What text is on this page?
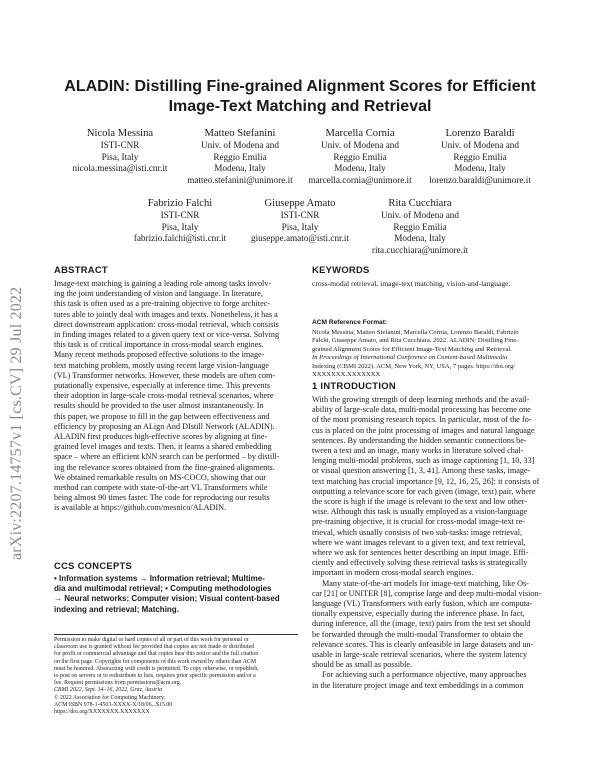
arXiv:2207.14757v1 [cs.CV] 29 Jul 2022
ALADIN: Distilling Fine-grained Alignment Scores for Efficient
Image-Text Matching and Retrieval
Nicola Messina
ISTI-CNR
Pisa, Italy
nicola.messina@isti.cnr.it
Matteo Stefanini
Univ. of Modena and
Reggio Emilia
Modena, Italy
matteo.stefanini@unimore.it
Marcella Cornia
Univ. of Modena and
Reggio Emilia
Modena, Italy
marcella.cornia@unimore.it
Lorenzo Baraldi
Univ. of Modena and
Reggio Emilia
Modena, Italy
lorenzo.baraldi@unimore.it
Fabrizio Falchi
ISTI-CNR
Pisa, Italy
fabrizio.falchi@isti.cnr.it
Giuseppe Amato
ISTI-CNR
Pisa, Italy
giuseppe.amato@isti.cnr.it
Rita Cucchiara
Univ. of Modena and
Reggio Emilia
Modena, Italy
rita.cucchiara@unimore.it
ABSTRACT
Image-text matching is gaining a leading role among tasks involv-
ing the joint understanding of vision and language. In literature,
this task is often used as a pre-training objective to forge architec-
tures able to jointly deal with images and texts. Nonetheless, it has a
direct downstream application: cross-modal retrieval, which consists
in finding images related to a given query text or vice-versa. Solving
this task is of critical importance in cross-modal search engines.
Many recent methods proposed effective solutions to the image-
text matching problem, mostly using recent large vision-language
(VL) Transformer networks. However, these models are often com-
putationally expensive, especially at inference time. This prevents
their adoption in large-scale cross-modal retrieval scenarios, where
results should be provided to the user almost instantaneously. In
this paper, we propose to fill in the gap between effectiveness and
efficiency by proposing an ALign And DIstill Network (ALADIN).
ALADIN first produces high-effective scores by aligning at fine-
grained level images and texts. Then, it learns a shared embedding
space – where an efficient kNN search can be performed – by distill-
ing the relevance scores obtained from the fine-grained alignments.
We obtained remarkable results on MS-COCO, showing that our
method can compete with state-of-the-art VL Transformers while
being almost 90 times faster. The code for reproducing our results
is available at https://github.com/mesnico/ALADIN.
CCS CONCEPTS
• Information systems → Information retrieval; Multime-
dia and multimodal retrieval; • Computing methodologies
→ Neural networks; Computer vision; Visual content-based
indexing and retrieval; Matching.
Permission to make digital or hard copies of all or part of this work for personal or
classroom use is granted without fee provided that copies are not made or distributed
for profit or commercial advantage and that copies bear this notice and the full citation
on the first page. Copyrights for components of this work owned by others than ACM
must be honored. Abstracting with credit is permitted. To copy otherwise, or republish,
to post on servers or to redistribute to lists, requires prior specific permission and/or a
fee. Request permissions from permissions@acm.org.
CBMI 2022, Sept. 14–16, 2022, Graz, Austria
© 2022 Association for Computing Machinery.
ACM ISBN 978-1-4503-XXXX-X/18/06...$15.00
https://doi.org/XXXXXXX.XXXXXXX
KEYWORDS
cross-modal retrieval, image-text matching, vision-and-language.
ACM Reference Format:
Nicola Messina, Matteo Stefanini, Marcella Cornia, Lorenzo Baraldi, Fabrizio
Falchi, Giuseppe Amato, and Rita Cucchiara. 2022. ALADIN: Distilling Fine-
grained Alignment Scores for Efficient Image-Text Matching and Retrieval.
In Proceedings of International Conference on Content-based Multimedia
Indexing (CBMI 2022). ACM, New York, NY, USA, 7 pages. https://doi.org/
XXXXXXX.XXXXXXX
1 INTRODUCTION
With the growing strength of deep learning methods and the avail-
ability of large-scale data, multi-modal processing has become one
of the most promising research topics. In particular, most of the fo-
cus is placed on the joint processing of images and natural language
sentences. By understanding the hidden semantic connections be-
tween a text and an image, many works in literature solved chal-
lenging multi-modal problems, such as image captioning [1, 10, 33]
or visual question answering [1, 3, 41]. Among these tasks, image-
text matching has crucial importance [9, 12, 16, 25, 26]: it consists of
outputting a relevance score for each given (image, text) pair, where
the score is high if the image is relevant to the text and low other-
wise. Although this task is usually employed as a vision-language
pre-training objective, it is crucial for cross-modal image-text re-
trieval, which usually consists of two sub-tasks: image retrieval,
where we want images relevant to a given text, and text retrieval,
where we ask for sentences better describing an input image. Effi-
ciently and effectively solving these retrieval tasks is strategically
important in modern cross-modal search engines.
Many state-of-the-art models for image-text matching, like Os-
car [21] or UNITER [8], comprise large and deep multi-modal vision-
language (VL) Transformers with early fusion, which are computa-
tionally expensive, especially during the inference phase. In fact,
during inference, all the (image, text) pairs from the test set should
be forwarded through the multi-modal Transformer to obtain the
relevance scores. This is clearly unfeasible in large datasets and un-
usable in large-scale retrieval scenarios, where the system latency
should be as small as possible.
For achieving such a performance objective, many approaches
in the literature project image and text embeddings in a common
